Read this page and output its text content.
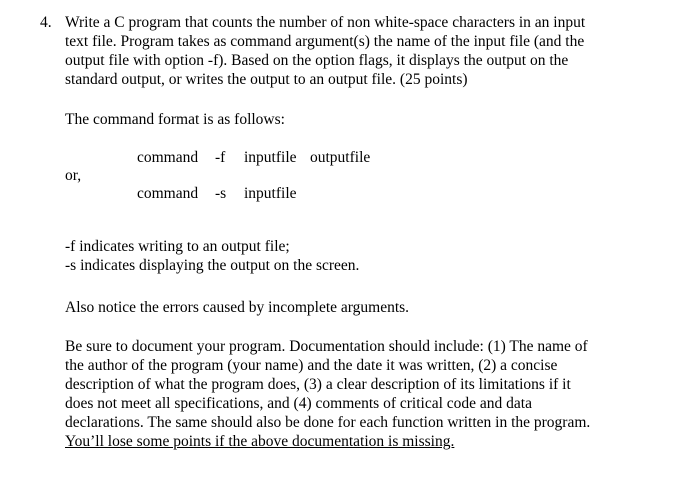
4. Write a C program that counts the number of non white-space characters in an input
text file. Program takes as command argument(s) the name of the input file (and the
output file with option -f). Based on the option flags, it displays the output on the
standard output, or writes the output to an output file. (25 points)
The command format is as follows:
command -f inputfile outputfile
or,
command -s inputfile
-f indicates writing to an output file;
-s indicates displaying the output on the screen.
Also notice the errors caused by incomplete arguments.
Be sure to document your program. Documentation should include: (1) The name of
the author of the program (your name) and the date it was written, (2) a concise
description of what the program does, (3) a clear description of its limitations if it
does not meet all specifications, and (4) comments of critical code and data
declarations. The same should also be done for each function written in the program.
You’ll lose some points if the above documentation is missing.
